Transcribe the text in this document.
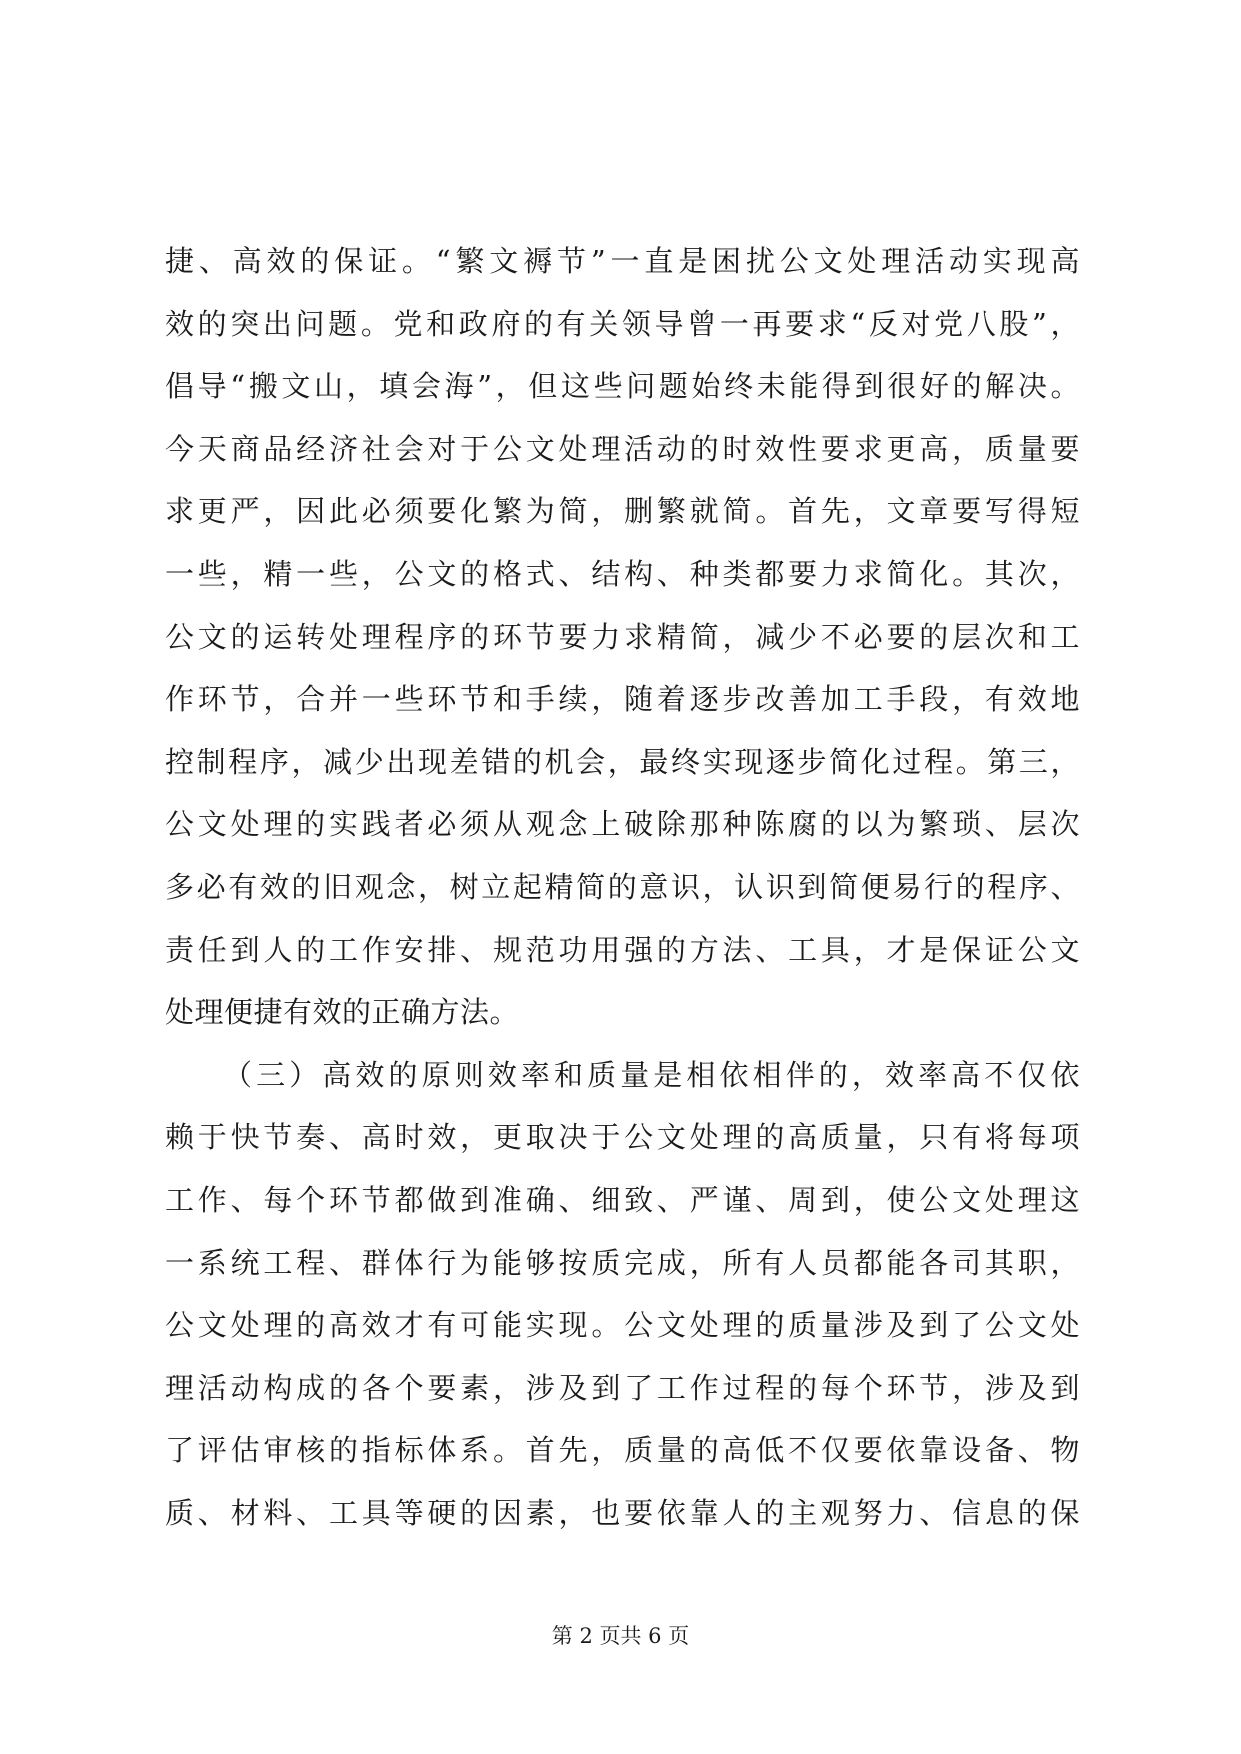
捷、高效的保证。“繁文褥节”一直是困扰公文处理活动实现高
效的突出问题。党和政府的有关领导曾一再要求“反对党八股”，
倡导“搬文山，填会海”，但这些问题始终未能得到很好的解决。
今天商品经济社会对于公文处理活动的时效性要求更高，质量要
求更严，因此必须要化繁为简，删繁就简。首先，文章要写得短
一些，精一些，公文的格式、结构、种类都要力求简化。其次，
公文的运转处理程序的环节要力求精简，减少不必要的层次和工
作环节，合并一些环节和手续，随着逐步改善加工手段，有效地
控制程序，减少出现差错的机会，最终实现逐步简化过程。第三，
公文处理的实践者必须从观念上破除那种陈腐的以为繁琐、层次
多必有效的旧观念，树立起精简的意识，认识到简便易行的程序、
责任到人的工作安排、规范功用强的方法、工具，才是保证公文
处理便捷有效的正确方法。
（三）高效的原则效率和质量是相依相伴的，效率高不仅依
赖于快节奏、高时效，更取决于公文处理的高质量，只有将每项
工作、每个环节都做到准确、细致、严谨、周到，使公文处理这
一系统工程、群体行为能够按质完成，所有人员都能各司其职，
公文处理的高效才有可能实现。公文处理的质量涉及到了公文处
理活动构成的各个要素，涉及到了工作过程的每个环节，涉及到
了评估审核的指标体系。首先，质量的高低不仅要依靠设备、物
质、材料、工具等硬的因素，也要依靠人的主观努力、信息的保
第 2 页共 6 页
